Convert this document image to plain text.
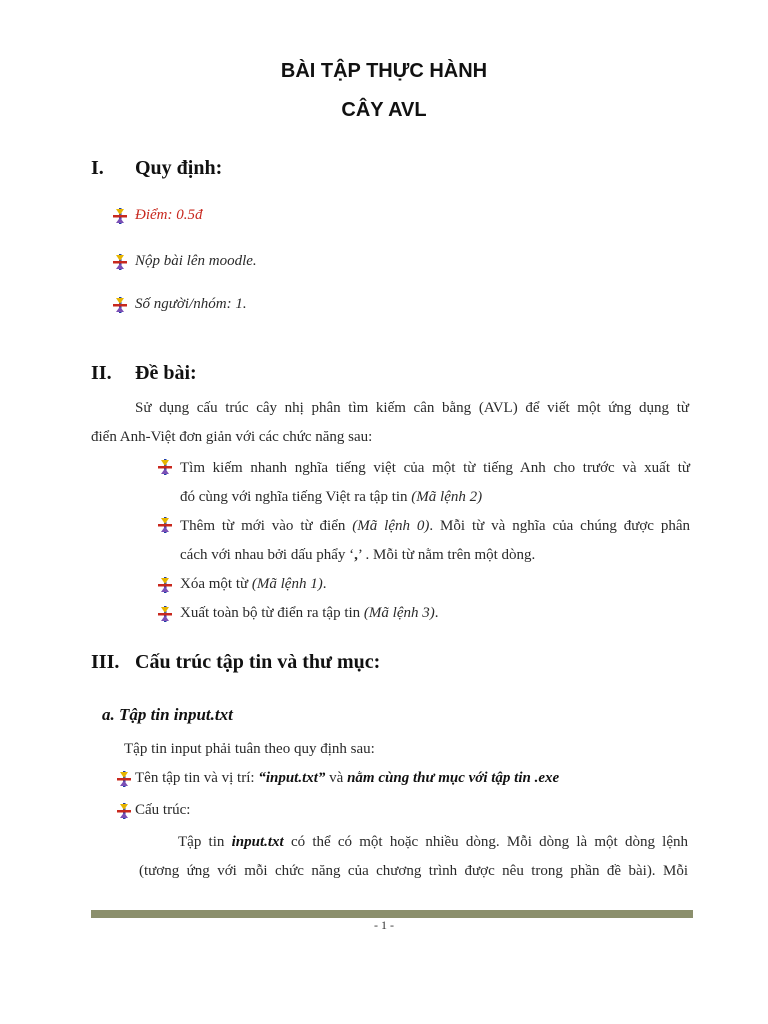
BÀI TẬP THỰC HÀNH
CÂY AVL
I. Quy định:
Điểm: 0.5đ
Nộp bài lên moodle.
Số người/nhóm: 1.
II. Đề bài:
Sử dụng cấu trúc cây nhị phân tìm kiếm cân bằng (AVL) để viết một ứng dụng từ
điển Anh-Việt đơn giản với các chức năng sau:
Tìm kiếm nhanh nghĩa tiếng việt của một từ tiếng Anh cho trước và xuất từ
đó cùng với nghĩa tiếng Việt ra tập tin (Mã lệnh 2)
Thêm từ mới vào từ điển (Mã lệnh 0). Mỗi từ và nghĩa của chúng được phân
cách với nhau bởi dấu phẩy ‘,’ . Mỗi từ nằm trên một dòng.
Xóa một từ (Mã lệnh 1).
Xuất toàn bộ từ điển ra tập tin (Mã lệnh 3).
III. Cấu trúc tập tin và thư mục:
a. Tập tin input.txt
Tập tin input phải tuân theo quy định sau:
Tên tập tin và vị trí: “input.txt” và nằm cùng thư mục với tập tin .exe
Cấu trúc:
Tập tin input.txt có thể có một hoặc nhiều dòng. Mỗi dòng là một dòng lệnh
(tương ứng với mỗi chức năng của chương trình được nêu trong phần đề bài). Mỗi
- 1 -
